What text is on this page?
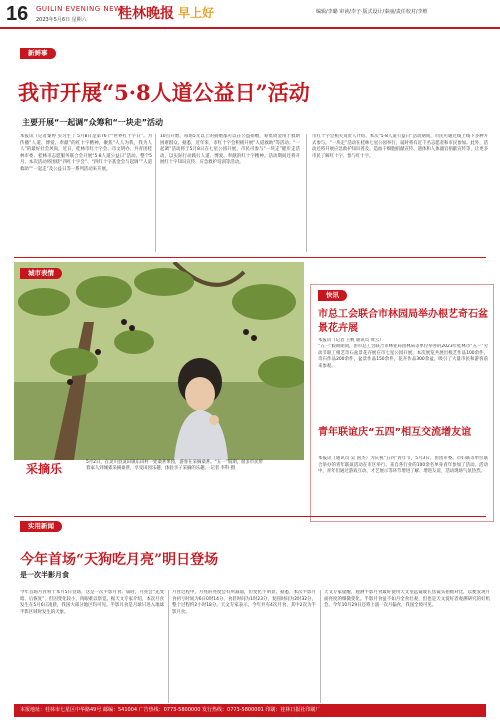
16 GUILIN EVENING NEWS
2023年5月6日 星期六 桂林晚报 早上好	编辑/李璐 审读/李子·版式设计/秦丽/责任校对/李维
新鲜事
我市开展“5·8人道公益日”活动
主要开展“一起调”众筹和“一块走”活动
本报讯（记者秦婷 实习生 ）5月8日是第76个“世界红十字日”。为传播“人道、博爱、奉献”的红十字精神，聚焦“人人为我，我为人人”的最好社会风尚，近日，桂林市红十字会、市文明办、共青团桂林市委、桂林市志愿服务联合会开展“5·8人道公益日”活动。整个5月，本次活动将围绕“四红十字会”、“四红十字基金会与起调”“人道救助”“一起走”及公益日等一系列活动来开展。
10点开始，每场5元以上的捐赠都可以在公益捐赠，筹集资金用于救助困难群众。据悉，近年来，市红十字会积极开展“人道救助”等活动。“一起调”活动将于5月8日在七星公园开展，市民可参与“一块走”健步走活动，以实际行动践行人道、博爱、奉献的红十字精神。活动期间还将开展红十字知识宣传、应急救护培训等活动。
市红十字会相关负责人介绍，本次“5·8人道公益日”活动期间，市民可通过线上线下多种方式参与。“一块走”活动在桂林七星公园举行，届时将有近千名志愿者和市民参加。此外，活动还将开展应急救护知识普及、造血干细胞捐献宣传、遗体和人体器官捐献宣传等，让更多市民了解红十字、参与红十字。
城市表情
采摘乐	5月2日，在灵川县灵田镇东田村一处桑葚果园，游客在采摘桑葚。“五一”假期，很多市民带着家人到城郊采摘桑葚，享受田园乐趣，体验亲子采摘的乐趣。 记者 李科 摄
快讯
市总工会联合市林园局举办根艺奇石盆景花卉展
本报讯（记者 王帆 通讯员 黄云）
“五一”假期期间，由市总工会联合市林业局园林局等单位举办的2023年桂林市“五一”劳动节职工根艺奇石盆景花卉展在市七星公园开展。本次展览共展出根艺作品100余件，奇石作品200余件，盆景作品150余件，花卉作品300余盆，吸引了大量市民和游客前来参观。
青年联谊庆“五四”相互交流增友谊
本报讯（通讯员 吴 国杰）为庆祝“五四”青年节，5月3日，由团市委、市妇联等单位联合举办的青年联谊活动在市区举行。来自各行业的100余名单身青年参加了活动。活动中，青年们通过游戏互动、才艺展示等环节增进了解、增进友谊，活动现场气氛热烈。
实用新闻
今年首场“天狗吃月亮”明日登场
是一次半影月食
今年首场月食将于本月5日登场，这是一次半影月食。届时，月亮会“先变暗、后恢复”，但因变化较小，肉眼难以察觉。据天文专家介绍，本次月食发生在5月6日凌晨，我国大部分地区均可见。半影月食是月球只进入地球半影区域时发生的天象。
月食过程中，月亮的亮度会有所减弱，但变化不明显。据悉，本次半影月食初亏时间为6日0时14分，食甚时间为1时23分，复圆时间为2时32分，整个过程约2小时18分。天文专家表示，今年共有4次月食，其中2次为半影月食。
天文专家提醒，观测半影月食最好使用天文望远镜或长焦镜头拍摄对比，以便发现月面亮度的细微变化。半影月食虽不如月全食壮观，但也是天文爱好者观测研究的好机会。今年10月29日还将上演一次月偏食，我国全境可见。
本报地址：桂林市七星区中华路49号 邮编：541004 广告热线：0773-5800000 发行热线：0773-5800001 印刷：桂林日报社印刷厂
